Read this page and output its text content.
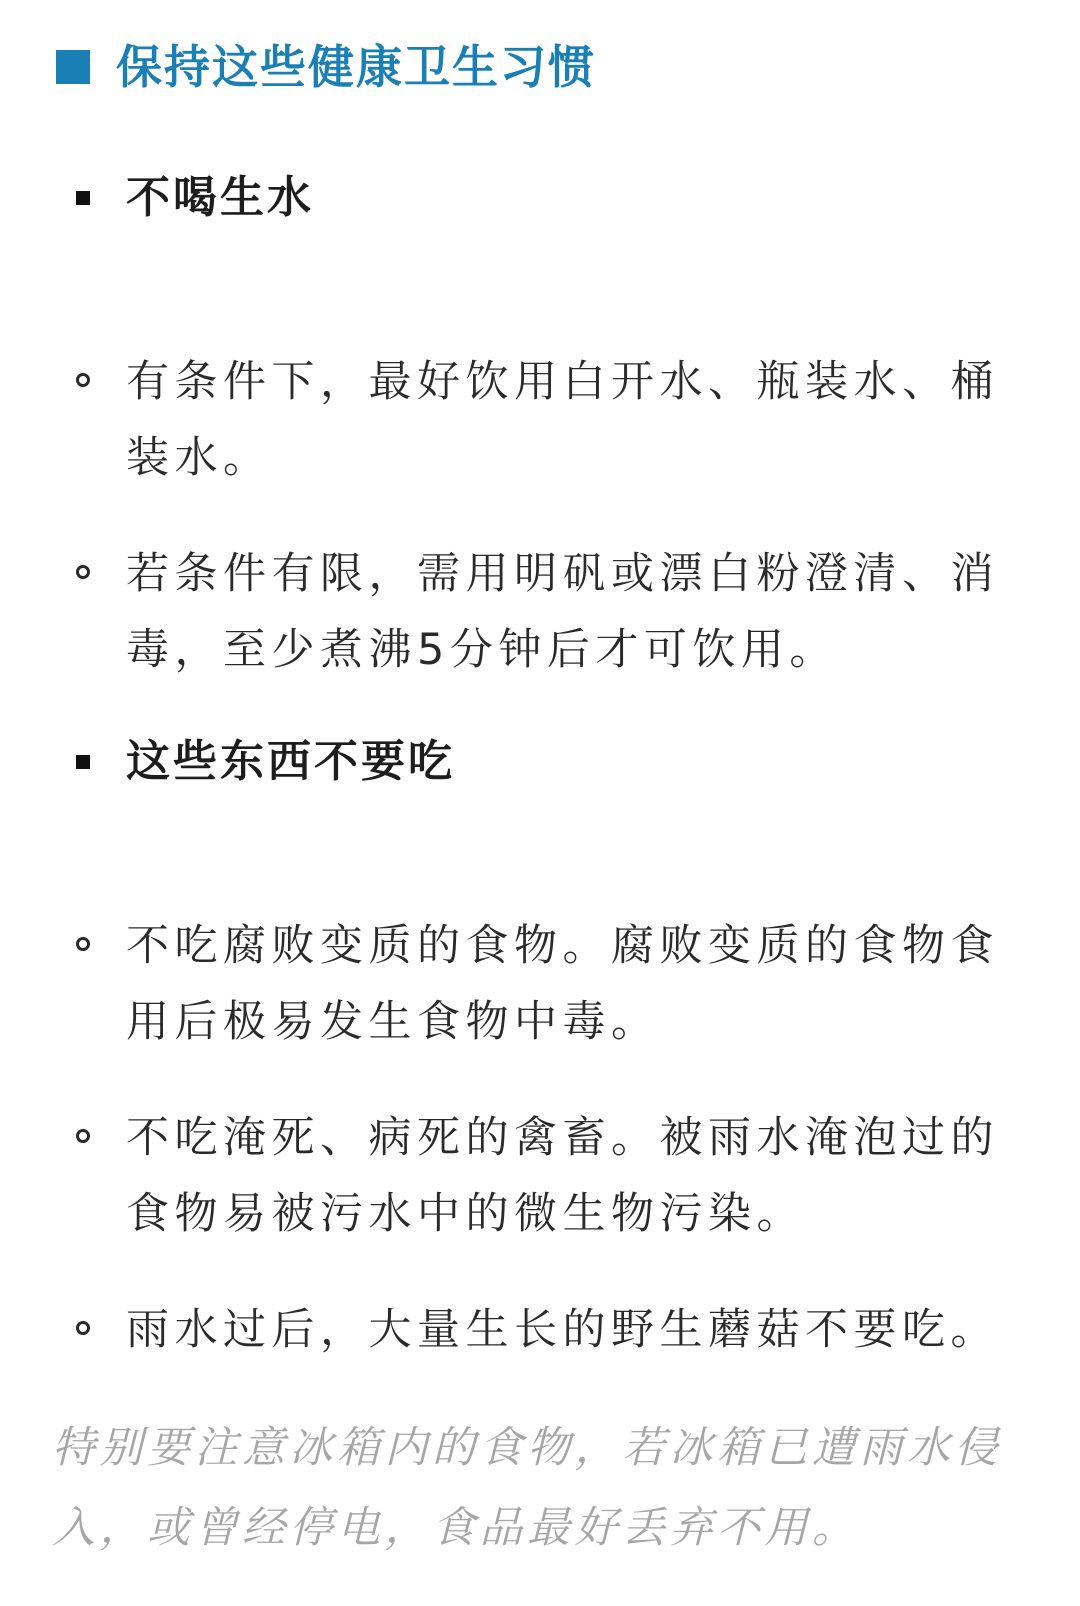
保持这些健康卫生习惯
不喝生水
有条件下，最好饮用白开水、瓶装水、桶装水。
若条件有限，需用明矾或漂白粉澄清、消毒，至少煮沸5分钟后才可饮用。
这些东西不要吃
不吃腐败变质的食物。腐败变质的食物食用后极易发生食物中毒。
不吃淹死、病死的禽畜。被雨水淹泡过的食物易被污水中的微生物污染。
雨水过后，大量生长的野生蘑菇不要吃。
特别要注意冰箱内的食物，若冰箱已遭雨水侵入，或曾经停电，食品最好丢弃不用。
